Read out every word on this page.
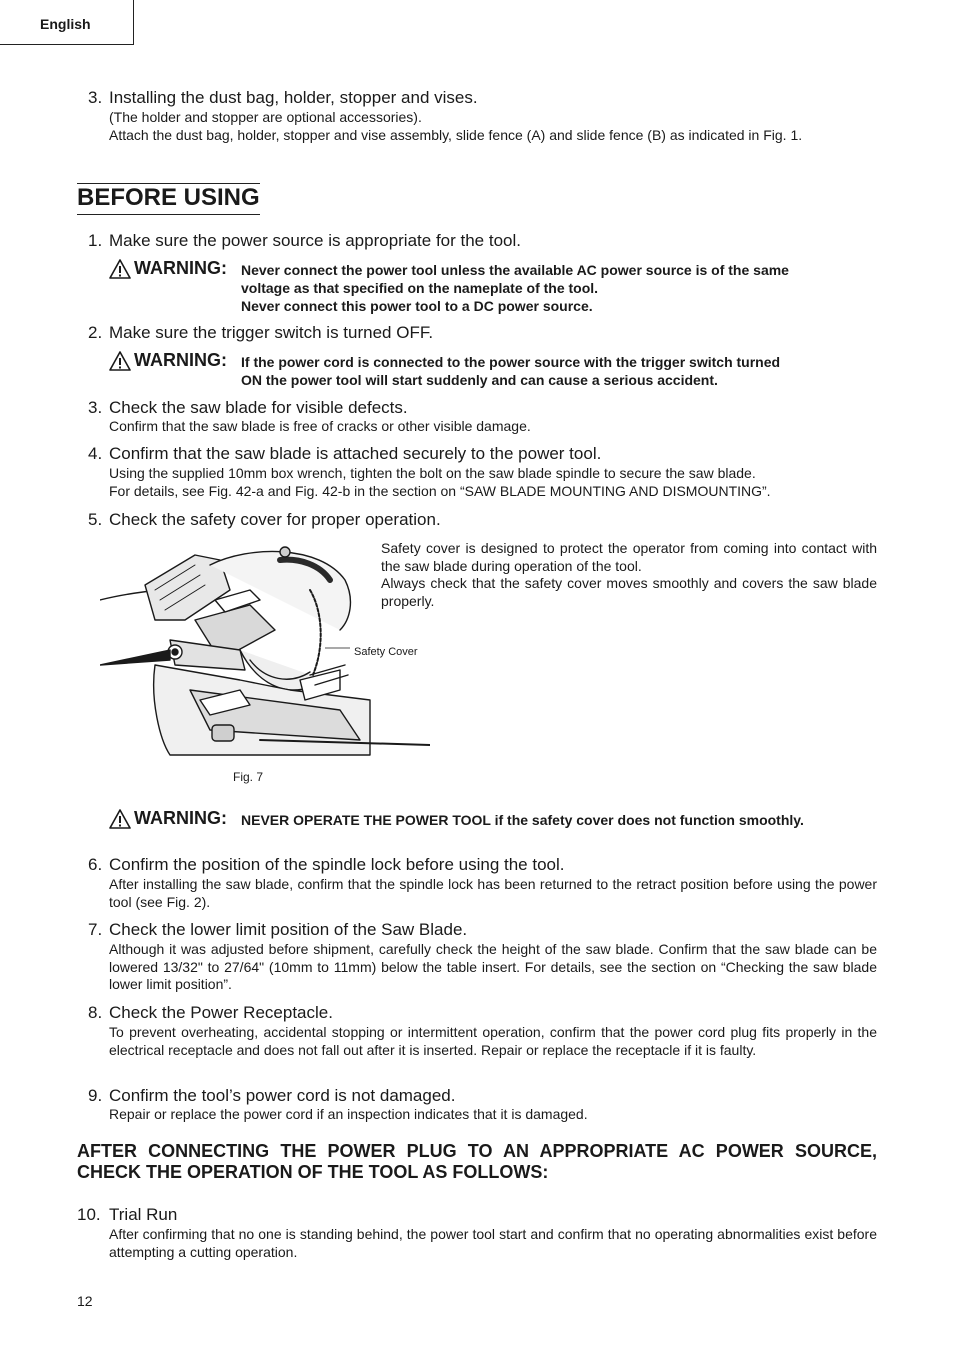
English
3. Installing the dust bag, holder, stopper and vises.
(The holder and stopper are optional accessories).
Attach the dust bag, holder, stopper and vise assembly, slide fence (A) and slide fence (B) as indicated in Fig. 1.
BEFORE USING
1. Make sure the power source is appropriate for the tool.
WARNING: Never connect the power tool unless the available AC power source is of the same
voltage as that specified on the nameplate of the tool.
Never connect this power tool to a DC power source.
2. Make sure the trigger switch is turned OFF.
WARNING: If the power cord is connected to the power source with the trigger switch turned
ON the power tool will start suddenly and can cause a serious accident.
3. Check the saw blade for visible defects.
Confirm that the saw blade is free of cracks or other visible damage.
4. Confirm that the saw blade is attached securely to the power tool.
Using the supplied 10mm box wrench, tighten the bolt on the saw blade spindle to secure the saw blade.
For details, see Fig. 42-a and Fig. 42-b in the section on “SAW BLADE MOUNTING AND DISMOUNTING”.
5. Check the safety cover for proper operation.
Safety cover is designed to protect the operator from coming into contact with the saw blade during operation of the tool.
Always check that the safety cover moves smoothly and covers the saw blade properly.
Safety Cover
Fig. 7
WARNING: NEVER OPERATE THE POWER TOOL if the safety cover does not function smoothly.
6. Confirm the position of the spindle lock before using the tool.
After installing the saw blade, confirm that the spindle lock has been returned to the retract position before using the power tool (see Fig. 2).
7. Check the lower limit position of the Saw Blade.
Although it was adjusted before shipment, carefully check the height of the saw blade. Confirm that the saw blade can be lowered 13/32" to 27/64" (10mm to 11mm) below the table insert. For details, see the section on “Checking the saw blade lower limit position”.
8. Check the Power Receptacle.
To prevent overheating, accidental stopping or intermittent operation, confirm that the power cord plug fits properly in the electrical receptacle and does not fall out after it is inserted. Repair or replace the receptacle if it is faulty.
9. Confirm the tool’s power cord is not damaged.
Repair or replace the power cord if an inspection indicates that it is damaged.
AFTER CONNECTING THE POWER PLUG TO AN APPROPRIATE AC POWER SOURCE, CHECK THE OPERATION OF THE TOOL AS FOLLOWS:
10. Trial Run
After confirming that no one is standing behind, the power tool start and confirm that no operating abnormalities exist before attempting a cutting operation.
12
